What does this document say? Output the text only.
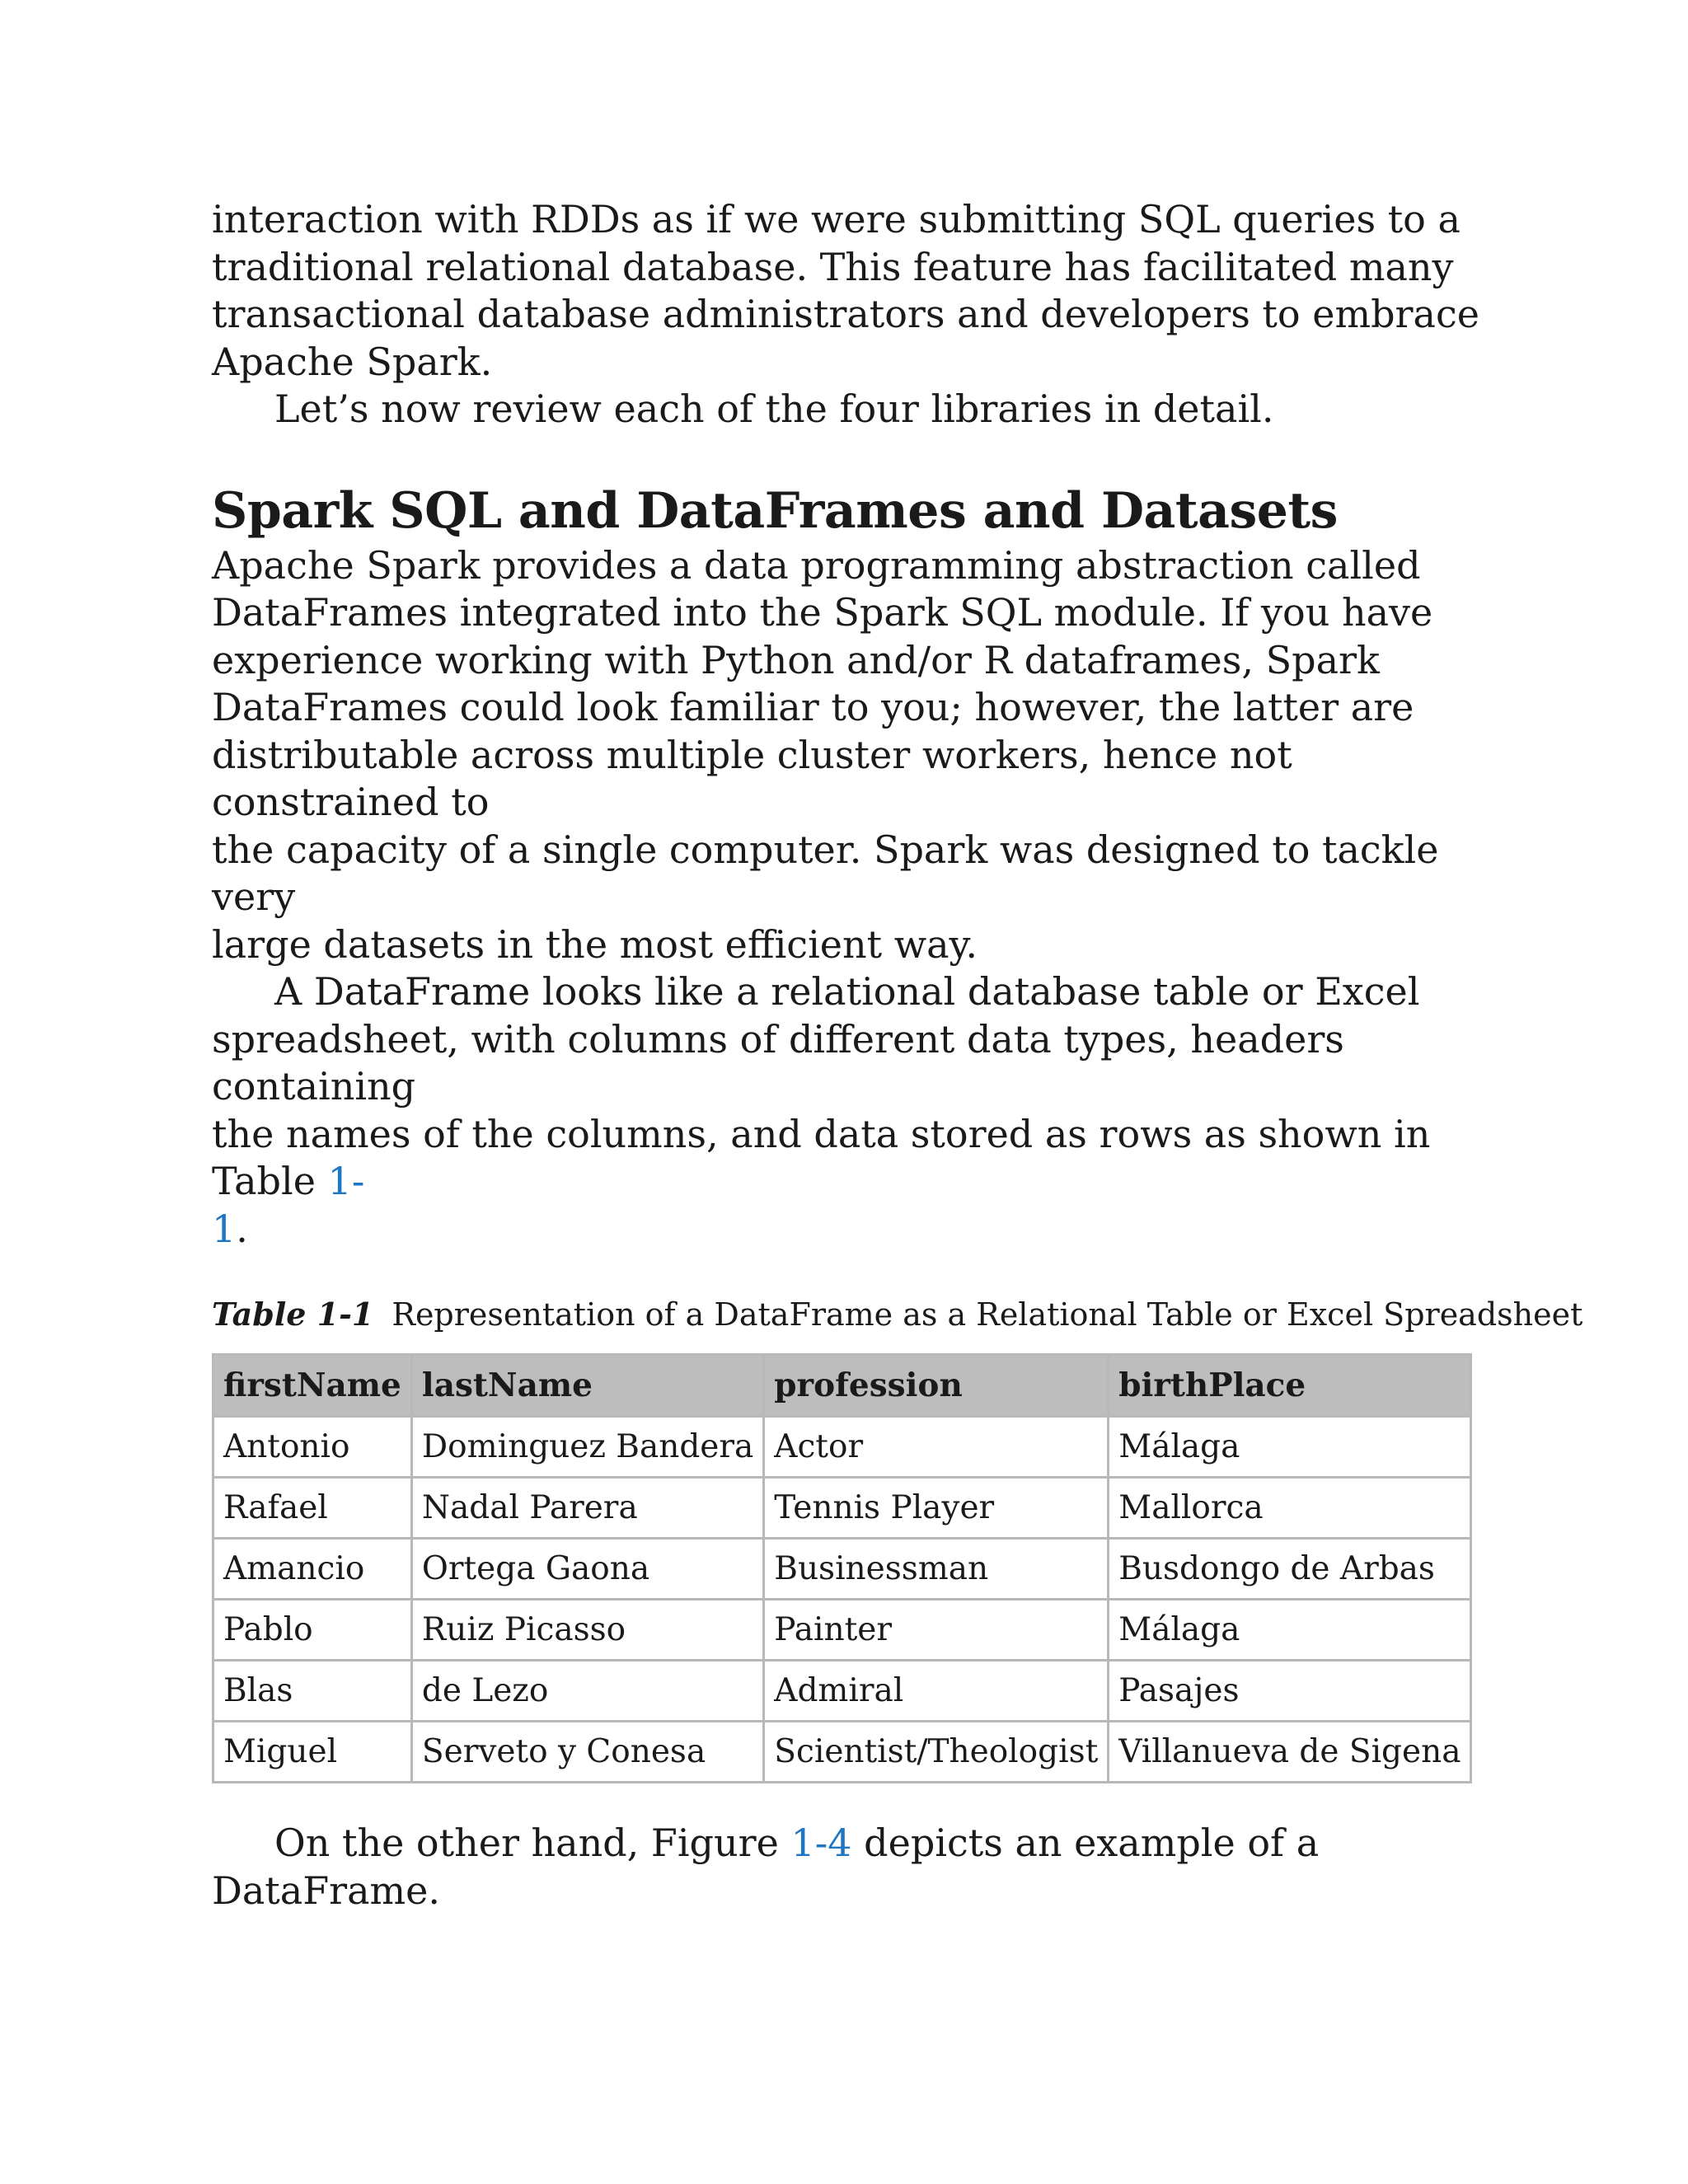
interaction with RDDs as if we were submitting SQL queries to a
traditional relational database. This feature has facilitated many
transactional database administrators and developers to embrace
Apache Spark.

Let’s now review each of the four libraries in detail.

Spark SQL and DataFrames and Datasets

Apache Spark provides a data programming abstraction called
DataFrames integrated into the Spark SQL module. If you have
experience working with Python and/or R dataframes, Spark
DataFrames could look familiar to you; however, the latter are
distributable across multiple cluster workers, hence not constrained to
the capacity of a single computer. Spark was designed to tackle very
large datasets in the most efficient way.

A DataFrame looks like a relational database table or Excel
spreadsheet, with columns of different data types, headers containing
the names of the columns, and data stored as rows as shown in Table 1-
1.

Table 1-1 Representation of a DataFrame as a Relational Table or Excel Spreadsheet
firstName	lastName	profession	birthPlace
Antonio	Dominguez Bandera	Actor	Málaga
Rafael	Nadal Parera	Tennis Player	Mallorca
Amancio	Ortega Gaona	Businessman	Busdongo de Arbas
Pablo	Ruiz Picasso	Painter	Málaga
Blas	de Lezo	Admiral	Pasajes
Miguel	Serveto y Conesa	Scientist/Theologist	Villanueva de Sigena

On the other hand, Figure 1-4 depicts an example of a DataFrame.
